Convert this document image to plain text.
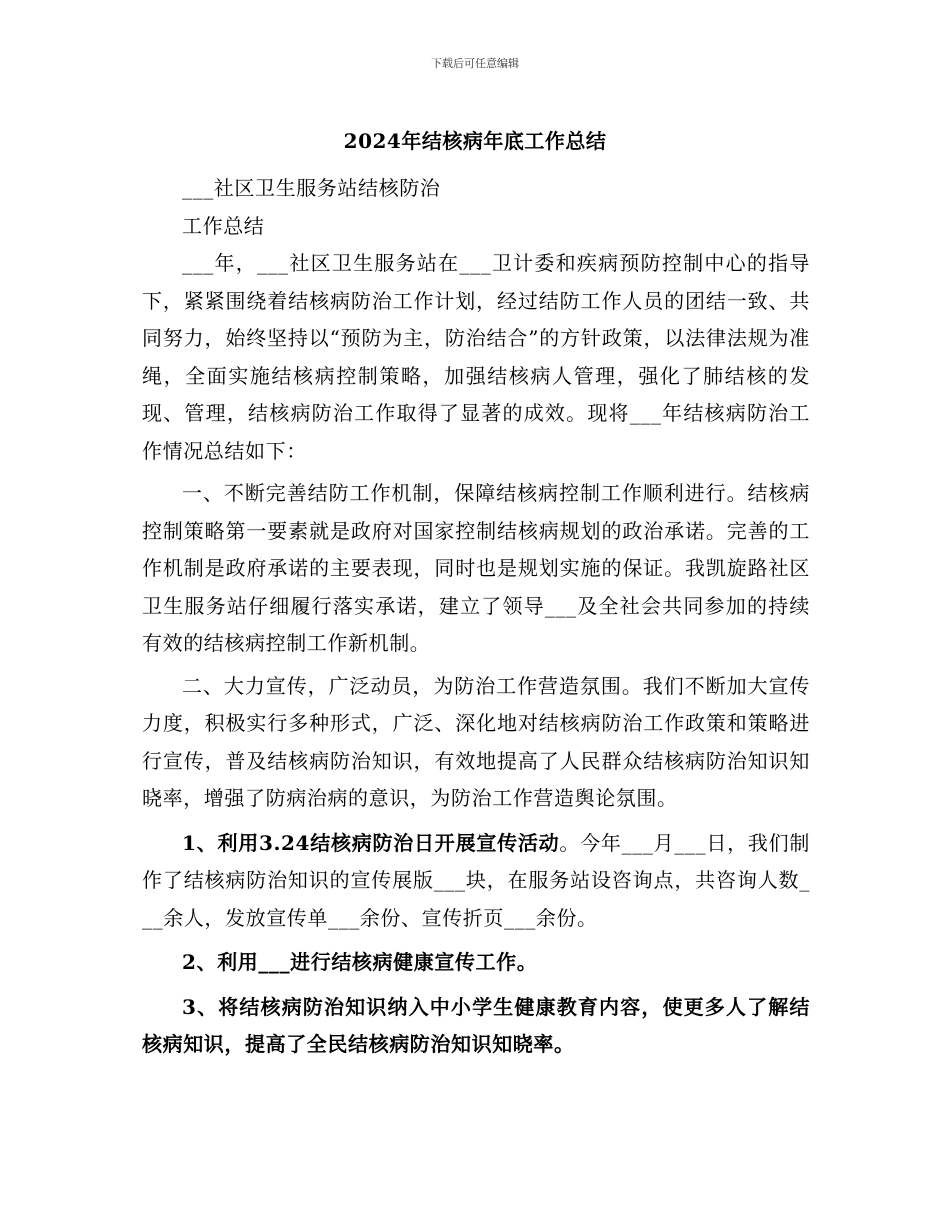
下载后可任意编辑
2024年结核病年底工作总结

___社区卫生服务站结核防治

工作总结

___年，___社区卫生服务站在___卫计委和疾病预防控制中心的指导下，紧紧围绕着结核病防治工作计划，经过结防工作人员的团结一致、共同努力，始终坚持以“预防为主，防治结合”的方针政策，以法律法规为准绳，全面实施结核病控制策略，加强结核病人管理，强化了肺结核的发现、管理，结核病防治工作取得了显著的成效。现将___年结核病防治工作情况总结如下：

一、不断完善结防工作机制，保障结核病控制工作顺利进行。结核病控制策略第一要素就是政府对国家控制结核病规划的政治承诺。完善的工作机制是政府承诺的主要表现，同时也是规划实施的保证。我凯旋路社区卫生服务站仔细履行落实承诺，建立了领导___及全社会共同参加的持续有效的结核病控制工作新机制。

二、大力宣传，广泛动员，为防治工作营造氛围。我们不断加大宣传力度，积极实行多种形式，广泛、深化地对结核病防治工作政策和策略进行宣传，普及结核病防治知识，有效地提高了人民群众结核病防治知识知晓率，增强了防病治病的意识，为防治工作营造舆论氛围。

1、利用3.24结核病防治日开展宣传活动。今年___月___日，我们制作了结核病防治知识的宣传展版___块，在服务站设咨询点，共咨询人数___余人，发放宣传单___余份、宣传折页___余份。

2、利用___进行结核病健康宣传工作。

3、将结核病防治知识纳入中小学生健康教育内容，使更多人了解结核病知识，提高了全民结核病防治知识知晓率。
